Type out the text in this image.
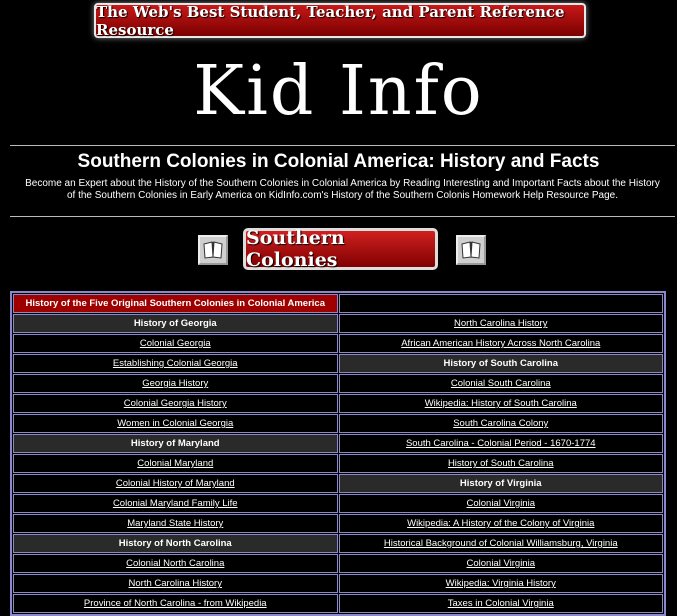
The Web's Best Student, Teacher, and Parent Reference Resource
Kid Info
Southern Colonies in Colonial America: History and Facts
Become an Expert about the History of the Southern Colonies in Colonial America by Reading Interesting and Important Facts about the History of the Southern Colonies in Early America on KidInfo.com's History of the Southern Colonis Homework Help Resource Page.
Southern Colonies
History of the Five Original Southern Colonies in Colonial America	
History of Georgia	North Carolina History
Colonial Georgia	African American History Across North Carolina
Establishing Colonial Georgia	History of South Carolina
Georgia History	Colonial South Carolina
Colonial Georgia History	Wikipedia: History of South Carolina
Women in Colonial Georgia	South Carolina Colony
History of Maryland	South Carolina - Colonial Period - 1670-1774
Colonial Maryland	History of South Carolina
Colonial History of Maryland	History of Virginia
Colonial Maryland Family Life	Colonial Virginia
Maryland State History	Wikipedia: A History of the Colony of Virginia
History of North Carolina	Historical Background of Colonial Williamsburg, Virginia
Colonial North Carolina	Colonial Virginia
North Carolina History	Wikipedia: Virginia History
Province of North Carolina - from Wikipedia	Taxes in Colonial Virginia
